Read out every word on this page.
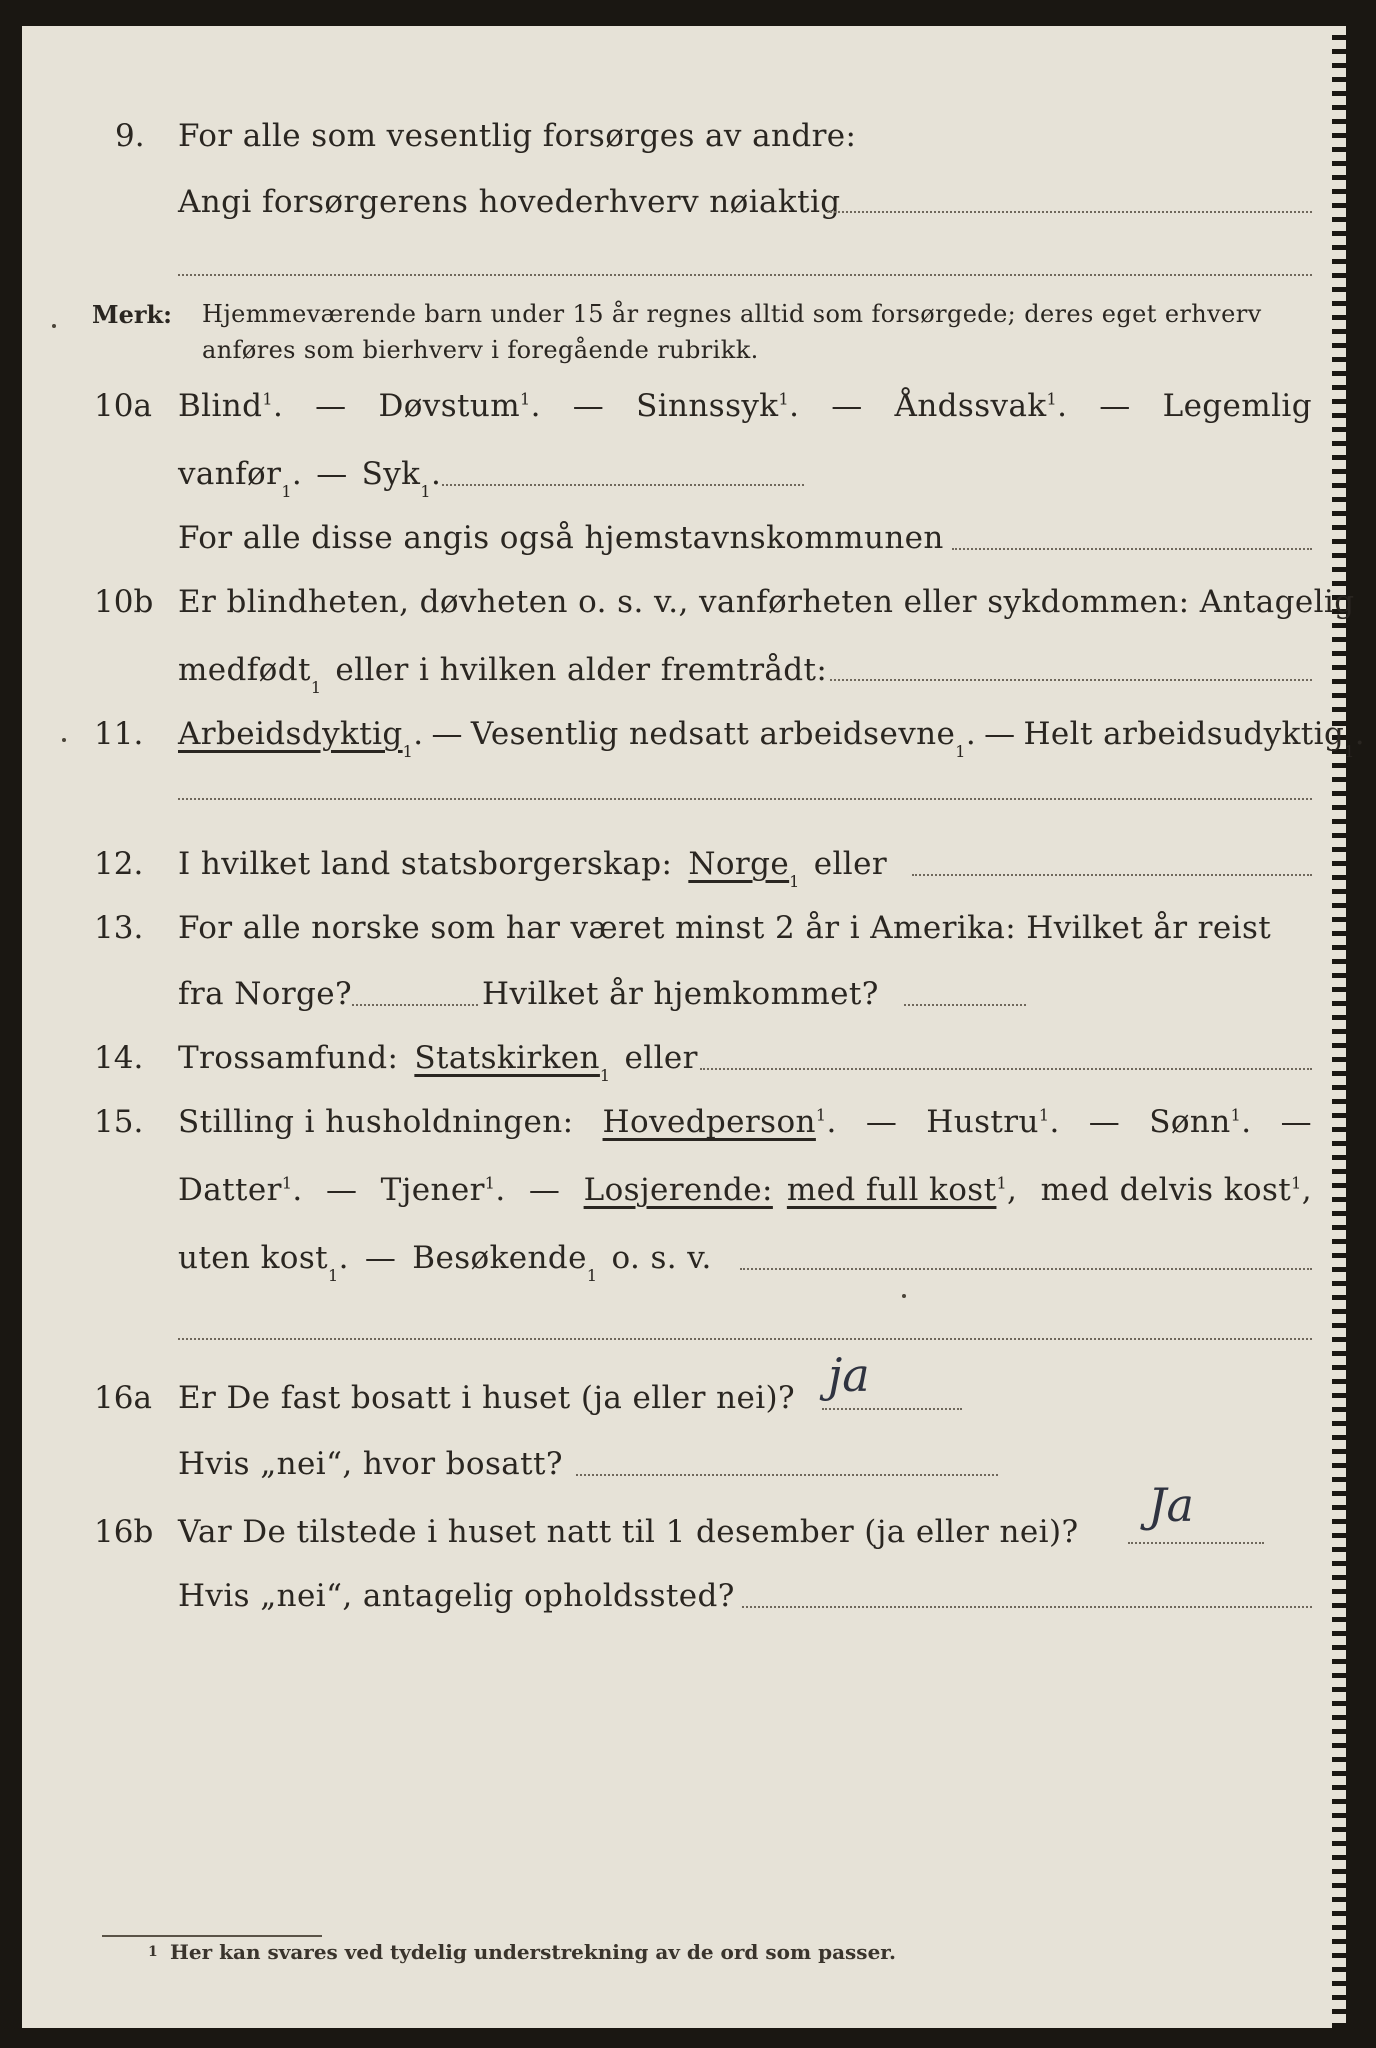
9. For alle som vesentlig forsørges av andre:
Angi forsørgerens hovederhverv nøiaktig
Merk: Hjemmeværende barn under 15 år regnes alltid som forsørgede; deres eget erhverv
anføres som bierhverv i foregående rubrikk.
10a Blind$^1$. — Døvstum$^1$. — Sinnssyk$^1$. — Åndssvak$^1$. — Legemlig
vanfør 1 . — Syk 1 .
For alle disse angis også hjemstavnskommunen
10b Er blindheten, døvheten o. s. v., vanførheten eller sykdommen: Antagelig
medfødt 1 eller i hvilken alder fremtrådt:
11. Arbeidsdyktig 1 . — Vesentlig nedsatt arbeidsevne 1 . — Helt arbeidsudyktig 1 .
12. I hvilket land statsborgerskap: Norge 1 eller
13. For alle norske som har været minst 2 år i Amerika: Hvilket år reist
fra Norge?	Hvilket år hjemkommet?
14. Trossamfund: Statskirken 1 eller
15. Stilling i husholdningen: Hovedperson$^1$. — Hustru$^1$. — Sønn$^1$. —
Datter$^1$. — Tjener$^1$. — Losjerende: med full kost$^1$, med delvis kost$^1$,
uten kost 1 . — Besøkende 1 o. s. v.
16a Er De fast bosatt i huset (ja eller nei)? ja
Hvis „nei“, hvor bosatt?
16b Var De tilstede i huset natt til 1 desember (ja eller nei)? Ja
Hvis „nei“, antagelig opholdssted?
1 Her kan svares ved tydelig understrekning av de ord som passer.
